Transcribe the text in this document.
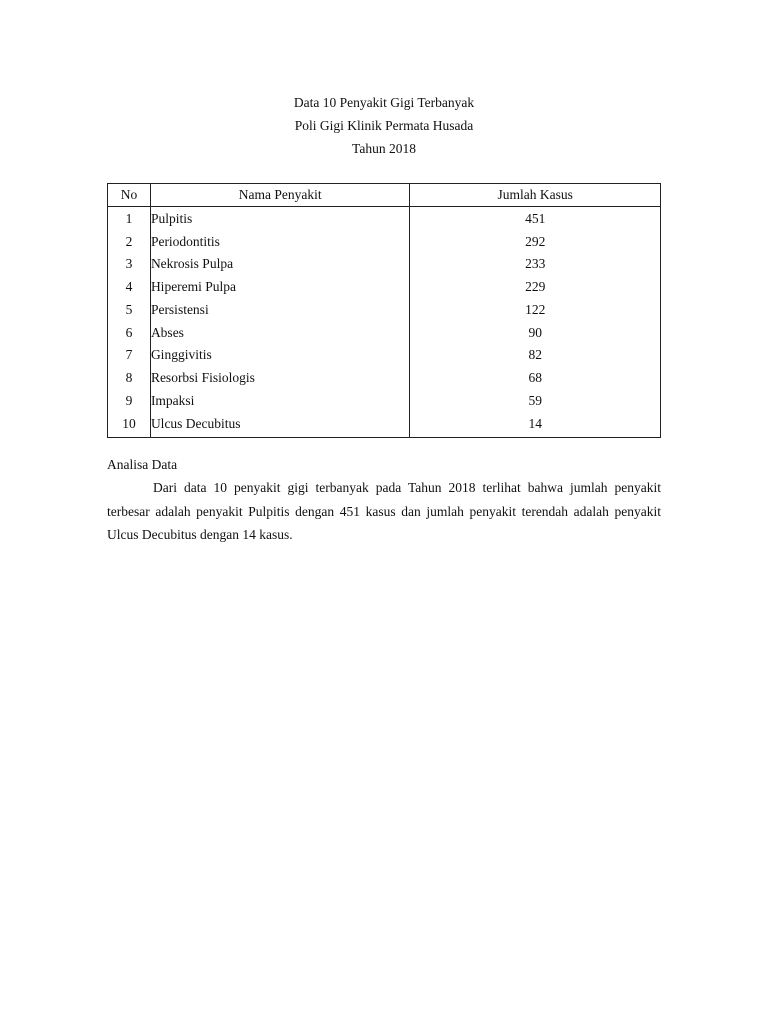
Data 10 Penyakit Gigi Terbanyak
Poli Gigi Klinik Permata Husada
Tahun 2018
No	Nama Penyakit	Jumlah Kasus
1	Pulpitis	451
2	Periodontitis	292
3	Nekrosis Pulpa	233
4	Hiperemi Pulpa	229
5	Persistensi	122
6	Abses	90
7	Ginggivitis	82
8	Resorbsi Fisiologis	68
9	Impaksi	59
10	Ulcus Decubitus	14
Analisa Data

Dari data 10 penyakit gigi terbanyak pada Tahun 2018 terlihat bahwa jumlah penyakit terbesar adalah penyakit Pulpitis dengan 451 kasus dan jumlah penyakit terendah adalah penyakit Ulcus Decubitus dengan 14 kasus.
